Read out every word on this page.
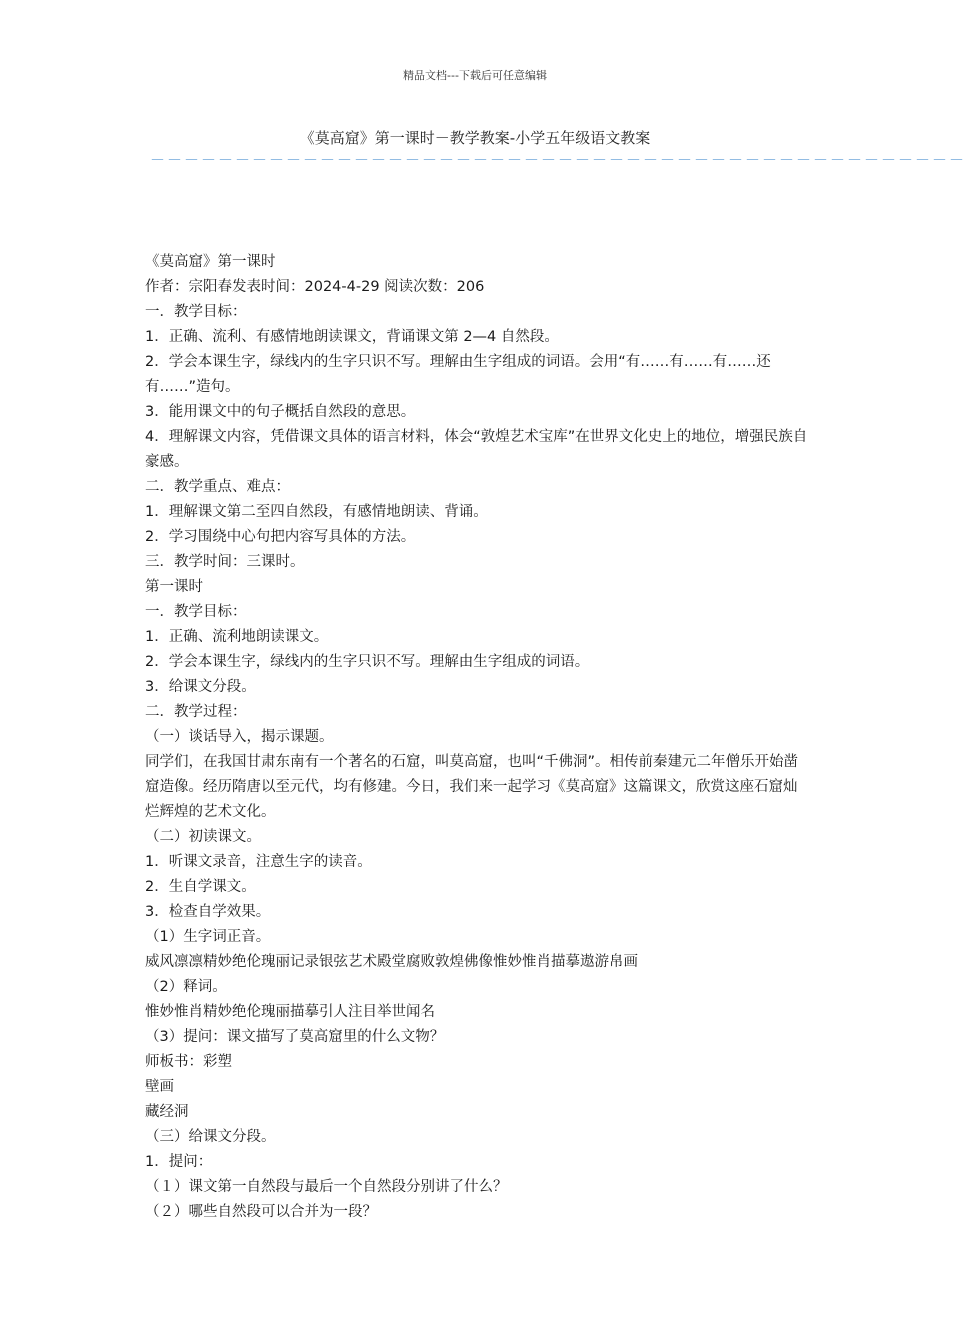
精品文档---下载后可任意编辑
《莫高窟》第一课时－教学教案-小学五年级语文教案
－－－－－－－－－－－－－－－－－－－－－－－－－－－－－－－－－－－－－－－－－－－－－－－－

《莫高窟》第一课时

作者：宗阳春发表时间：2024-4-29 阅读次数：206

一．教学目标：

1．正确、流利、有感情地朗读课文，背诵课文第 2—4 自然段。

2．学会本课生字，绿线内的生字只识不写。理解由生字组成的词语。会用“有……有……有……还有……”造句。

3．能用课文中的句子概括自然段的意思。

4．理解课文内容，凭借课文具体的语言材料，体会“敦煌艺术宝库”在世界文化史上的地位，增强民族自豪感。

二．教学重点、难点：

1．理解课文第二至四自然段，有感情地朗读、背诵。

2．学习围绕中心句把内容写具体的方法。

三．教学时间：三课时。

第一课时

一．教学目标：

1．正确、流利地朗读课文。

2．学会本课生字，绿线内的生字只识不写。理解由生字组成的词语。

3．给课文分段。

二．教学过程：

（一）谈话导入，揭示课题。

同学们，在我国甘肃东南有一个著名的石窟，叫莫高窟，也叫“千佛洞”。相传前秦建元二年僧乐开始凿窟造像。经历隋唐以至元代，均有修建。今日，我们来一起学习《莫高窟》这篇课文，欣赏这座石窟灿烂辉煌的艺术文化。

（二）初读课文。

1．听课文录音，注意生字的读音。

2．生自学课文。

3．检查自学效果。

（1）生字词正音。

威风凛凛精妙绝伦瑰丽记录银弦艺术殿堂腐败敦煌佛像惟妙惟肖描摹遨游帛画

（2）释词。

惟妙惟肖精妙绝伦瑰丽描摹引人注目举世闻名

（3）提问：课文描写了莫高窟里的什么文物？

师板书：彩塑

壁画

藏经洞

（三）给课文分段。

1．提问：

（１）课文第一自然段与最后一个自然段分别讲了什么？

（２）哪些自然段可以合并为一段？
